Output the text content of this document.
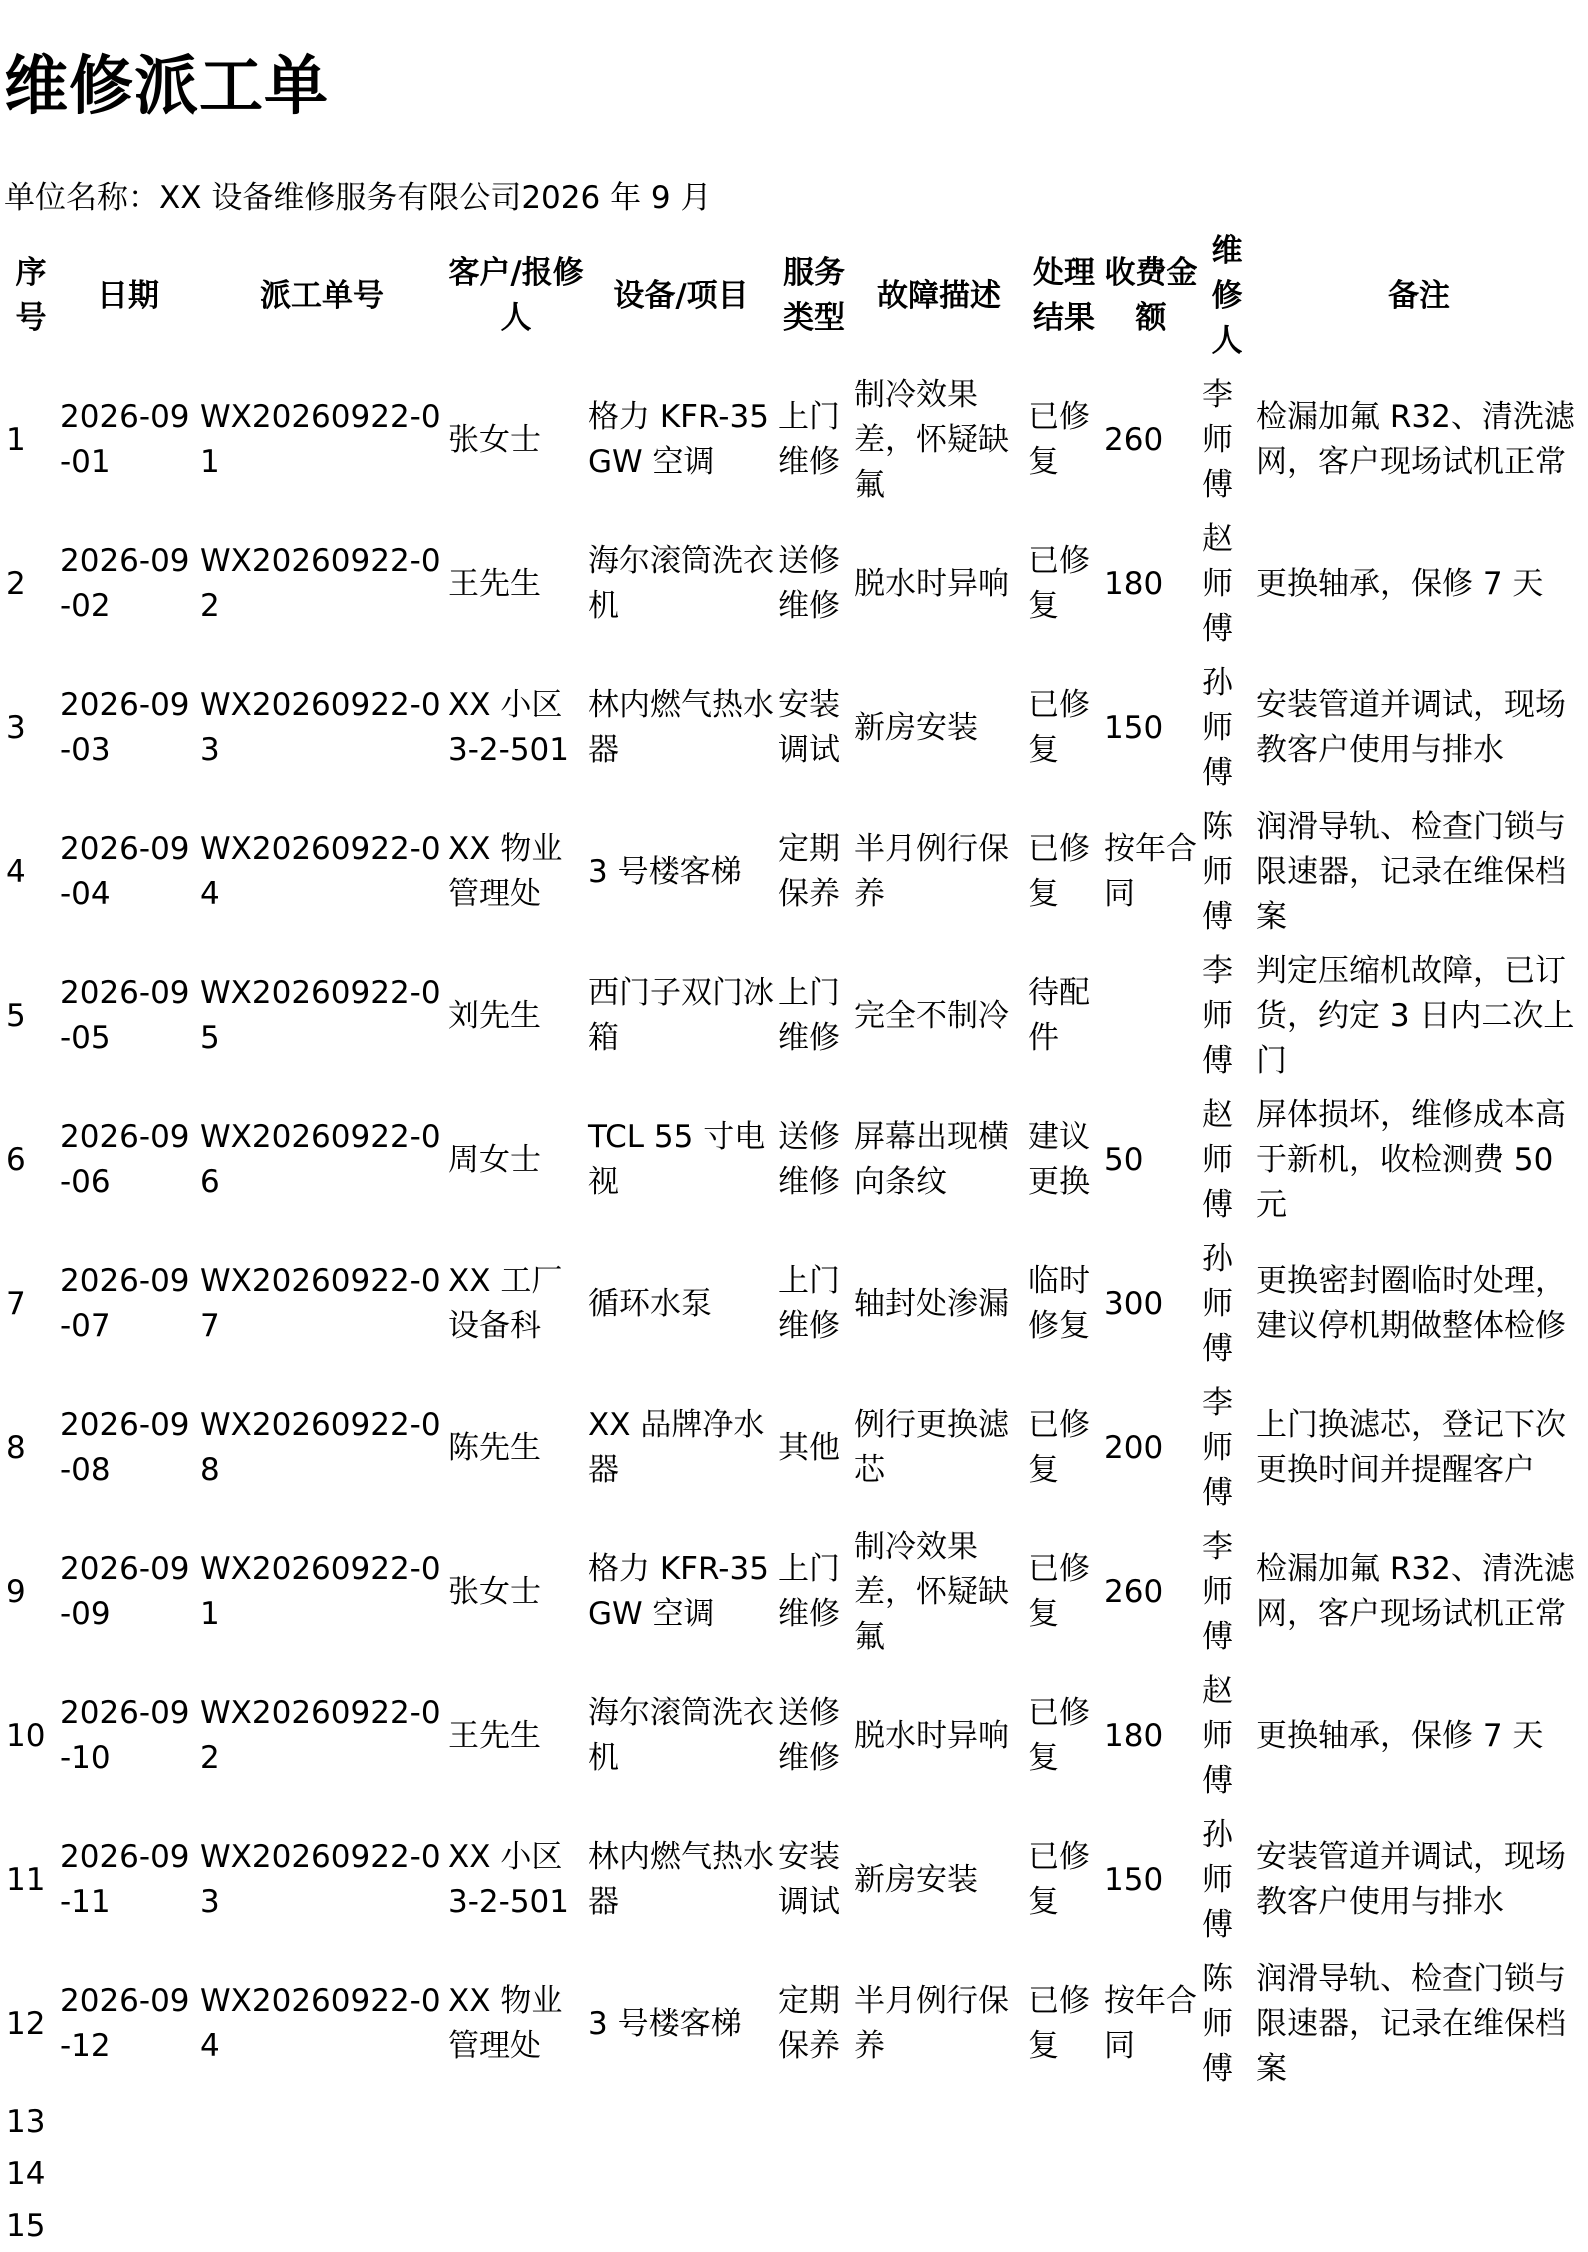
维修派工单
单位名称：XX 设备维修服务有限公司2026 年 9 月
序号	日期	派工单号	客户/报修人	设备/项目	服务类型	故障描述	处理结果	收费金额	维修人	备注
1	2026-09-01	WX20260922-01	张女士	格力 KFR-35GW 空调	上门维修	制冷效果差，怀疑缺氟	已修复	260	李师傅	检漏加氟 R32、清洗滤网，客户现场试机正常
2	2026-09-02	WX20260922-02	王先生	海尔滚筒洗衣机	送修维修	脱水时异响	已修复	180	赵师傅	更换轴承，保修 7 天
3	2026-09-03	WX20260922-03	XX 小区 3-2-501	林内燃气热水器	安装调试	新房安装	已修复	150	孙师傅	安装管道并调试，现场教客户使用与排水
4	2026-09-04	WX20260922-04	XX 物业管理处	3 号楼客梯	定期保养	半月例行保养	已修复	按年合同	陈师傅	润滑导轨、检查门锁与限速器，记录在维保档案
5	2026-09-05	WX20260922-05	刘先生	西门子双门冰箱	上门维修	完全不制冷	待配件		李师傅	判定压缩机故障，已订货，约定 3 日内二次上门
6	2026-09-06	WX20260922-06	周女士	TCL 55 寸电视	送修维修	屏幕出现横向条纹	建议更换	50	赵师傅	屏体损坏，维修成本高于新机，收检测费 50 元
7	2026-09-07	WX20260922-07	XX 工厂设备科	循环水泵	上门维修	轴封处渗漏	临时修复	300	孙师傅	更换密封圈临时处理，建议停机期做整体检修
8	2026-09-08	WX20260922-08	陈先生	XX 品牌净水器	其他	例行更换滤芯	已修复	200	李师傅	上门换滤芯，登记下次更换时间并提醒客户
9	2026-09-09	WX20260922-01	张女士	格力 KFR-35GW 空调	上门维修	制冷效果差，怀疑缺氟	已修复	260	李师傅	检漏加氟 R32、清洗滤网，客户现场试机正常
10	2026-09-10	WX20260922-02	王先生	海尔滚筒洗衣机	送修维修	脱水时异响	已修复	180	赵师傅	更换轴承，保修 7 天
11	2026-09-11	WX20260922-03	XX 小区 3-2-501	林内燃气热水器	安装调试	新房安装	已修复	150	孙师傅	安装管道并调试，现场教客户使用与排水
12	2026-09-12	WX20260922-04	XX 物业管理处	3 号楼客梯	定期保养	半月例行保养	已修复	按年合同	陈师傅	润滑导轨、检查门锁与限速器，记录在维保档案
13										
14										
15										
